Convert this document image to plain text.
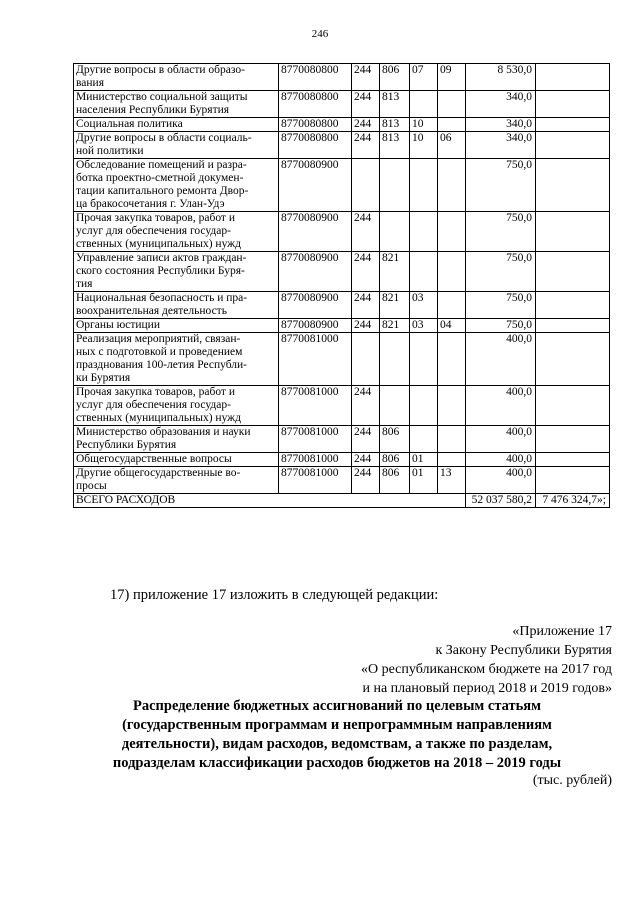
246
Другие вопросы в области образо-
вания	8770080800	244	806	07	09	8 530,0	
Министерство социальной защиты
населения Республики Бурятия	8770080800	244	813			340,0	
Социальная политика	8770080800	244	813	10		340,0	
Другие вопросы в области социаль-
ной политики	8770080800	244	813	10	06	340,0	
Обследование помещений и разра-
ботка проектно-сметной докумен-
тации капитального ремонта Двор-
ца бракосочетания г. Улан-Удэ	8770080900					750,0	
Прочая закупка товаров, работ и
услуг для обеспечения государ-
ственных (муниципальных) нужд	8770080900	244				750,0	
Управление записи актов граждан-
ского состояния Республики Буря-
тия	8770080900	244	821			750,0	
Национальная безопасность и пра-
воохранительная деятельность	8770080900	244	821	03		750,0	
Органы юстиции	8770080900	244	821	03	04	750,0	
Реализация мероприятий, связан-
ных с подготовкой и проведением
празднования 100-летия Республи-
ки Бурятия	8770081000					400,0	
Прочая закупка товаров, работ и
услуг для обеспечения государ-
ственных (муниципальных) нужд	8770081000	244				400,0	
Министерство образования и науки
Республики Бурятия	8770081000	244	806			400,0	
Общегосударственные вопросы	8770081000	244	806	01		400,0	
Другие общегосударственные во-
просы	8770081000	244	806	01	13	400,0	
ВСЕГО РАСХОДОВ						52 037 580,2	7 476 324,7»;
17) приложение 17 изложить в следующей редакции:
«Приложение 17
к Закону Республики Бурятия
«О республиканском бюджете на 2017 год
и на плановый период 2018 и 2019 годов»
Распределение бюджетных ассигнований по целевым статьям
(государственным программам и непрограммным направлениям
деятельности), видам расходов, ведомствам, а также по разделам,
подразделам классификации расходов бюджетов на 2018 – 2019 годы
(тыс. рублей)
